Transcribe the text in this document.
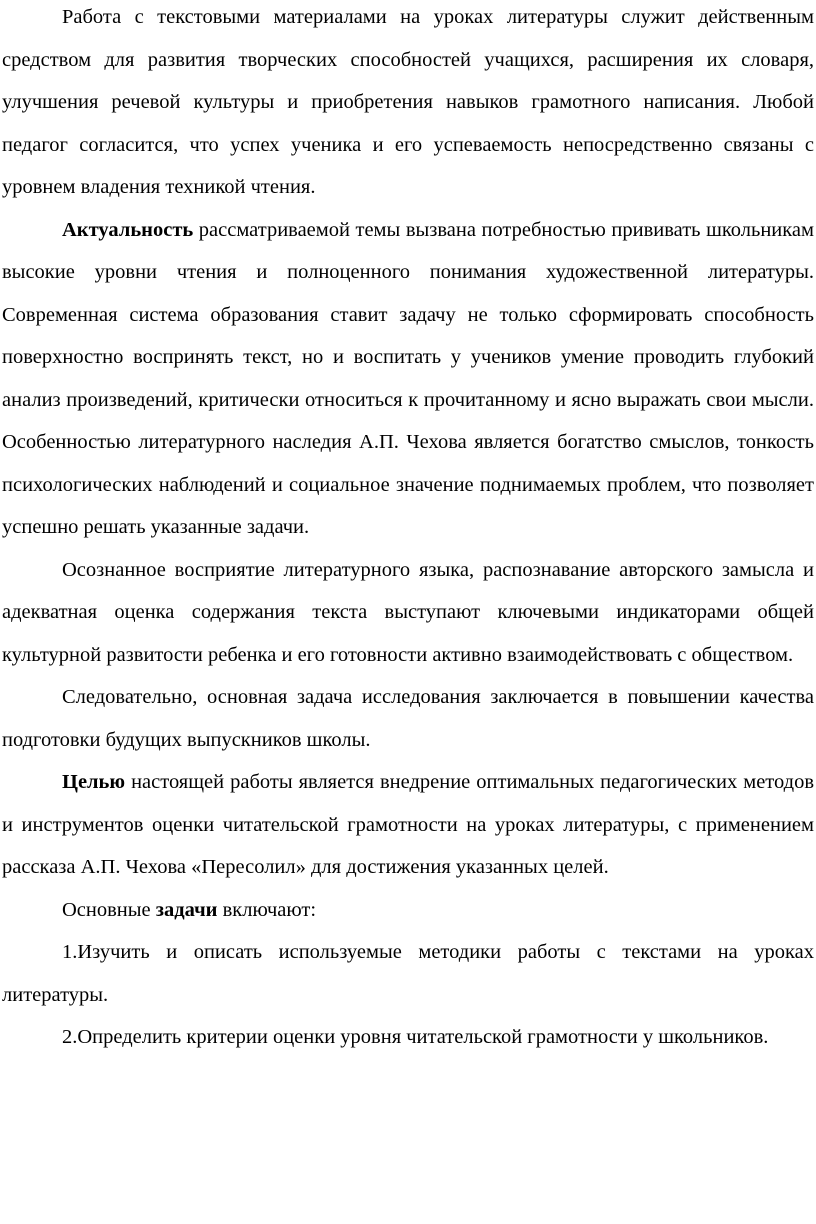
Работа с текстовыми материалами на уроках литературы служит действенным средством для развития творческих способностей учащихся, расширения их словаря, улучшения речевой культуры и приобретения навыков грамотного написания. Любой педагог согласится, что успех ученика и его успеваемость непосредственно связаны с уровнем владения техникой чтения.

Актуальность рассматриваемой темы вызвана потребностью прививать школьникам высокие уровни чтения и полноценного понимания художественной литературы. Современная система образования ставит задачу не только сформировать способность поверхностно воспринять текст, но и воспитать у учеников умение проводить глубокий анализ произведений, критически относиться к прочитанному и ясно выражать свои мысли. Особенностью литературного наследия А.П. Чехова является богатство смыслов, тонкость психологических наблюдений и социальное значение поднимаемых проблем, что позволяет успешно решать указанные задачи.

Осознанное восприятие литературного языка, распознавание авторского замысла и адекватная оценка содержания текста выступают ключевыми индикаторами общей культурной развитости ребенка и его готовности активно взаимодействовать с обществом.

Следовательно, основная задача исследования заключается в повышении качества подготовки будущих выпускников школы.

Целью настоящей работы является внедрение оптимальных педагогических методов и инструментов оценки читательской грамотности на уроках литературы, с применением рассказа А.П. Чехова «Пересолил» для достижения указанных целей.

Основные задачи включают:

1.Изучить и описать используемые методики работы с текстами на уроках литературы.

2.Определить критерии оценки уровня читательской грамотности у школьников.
